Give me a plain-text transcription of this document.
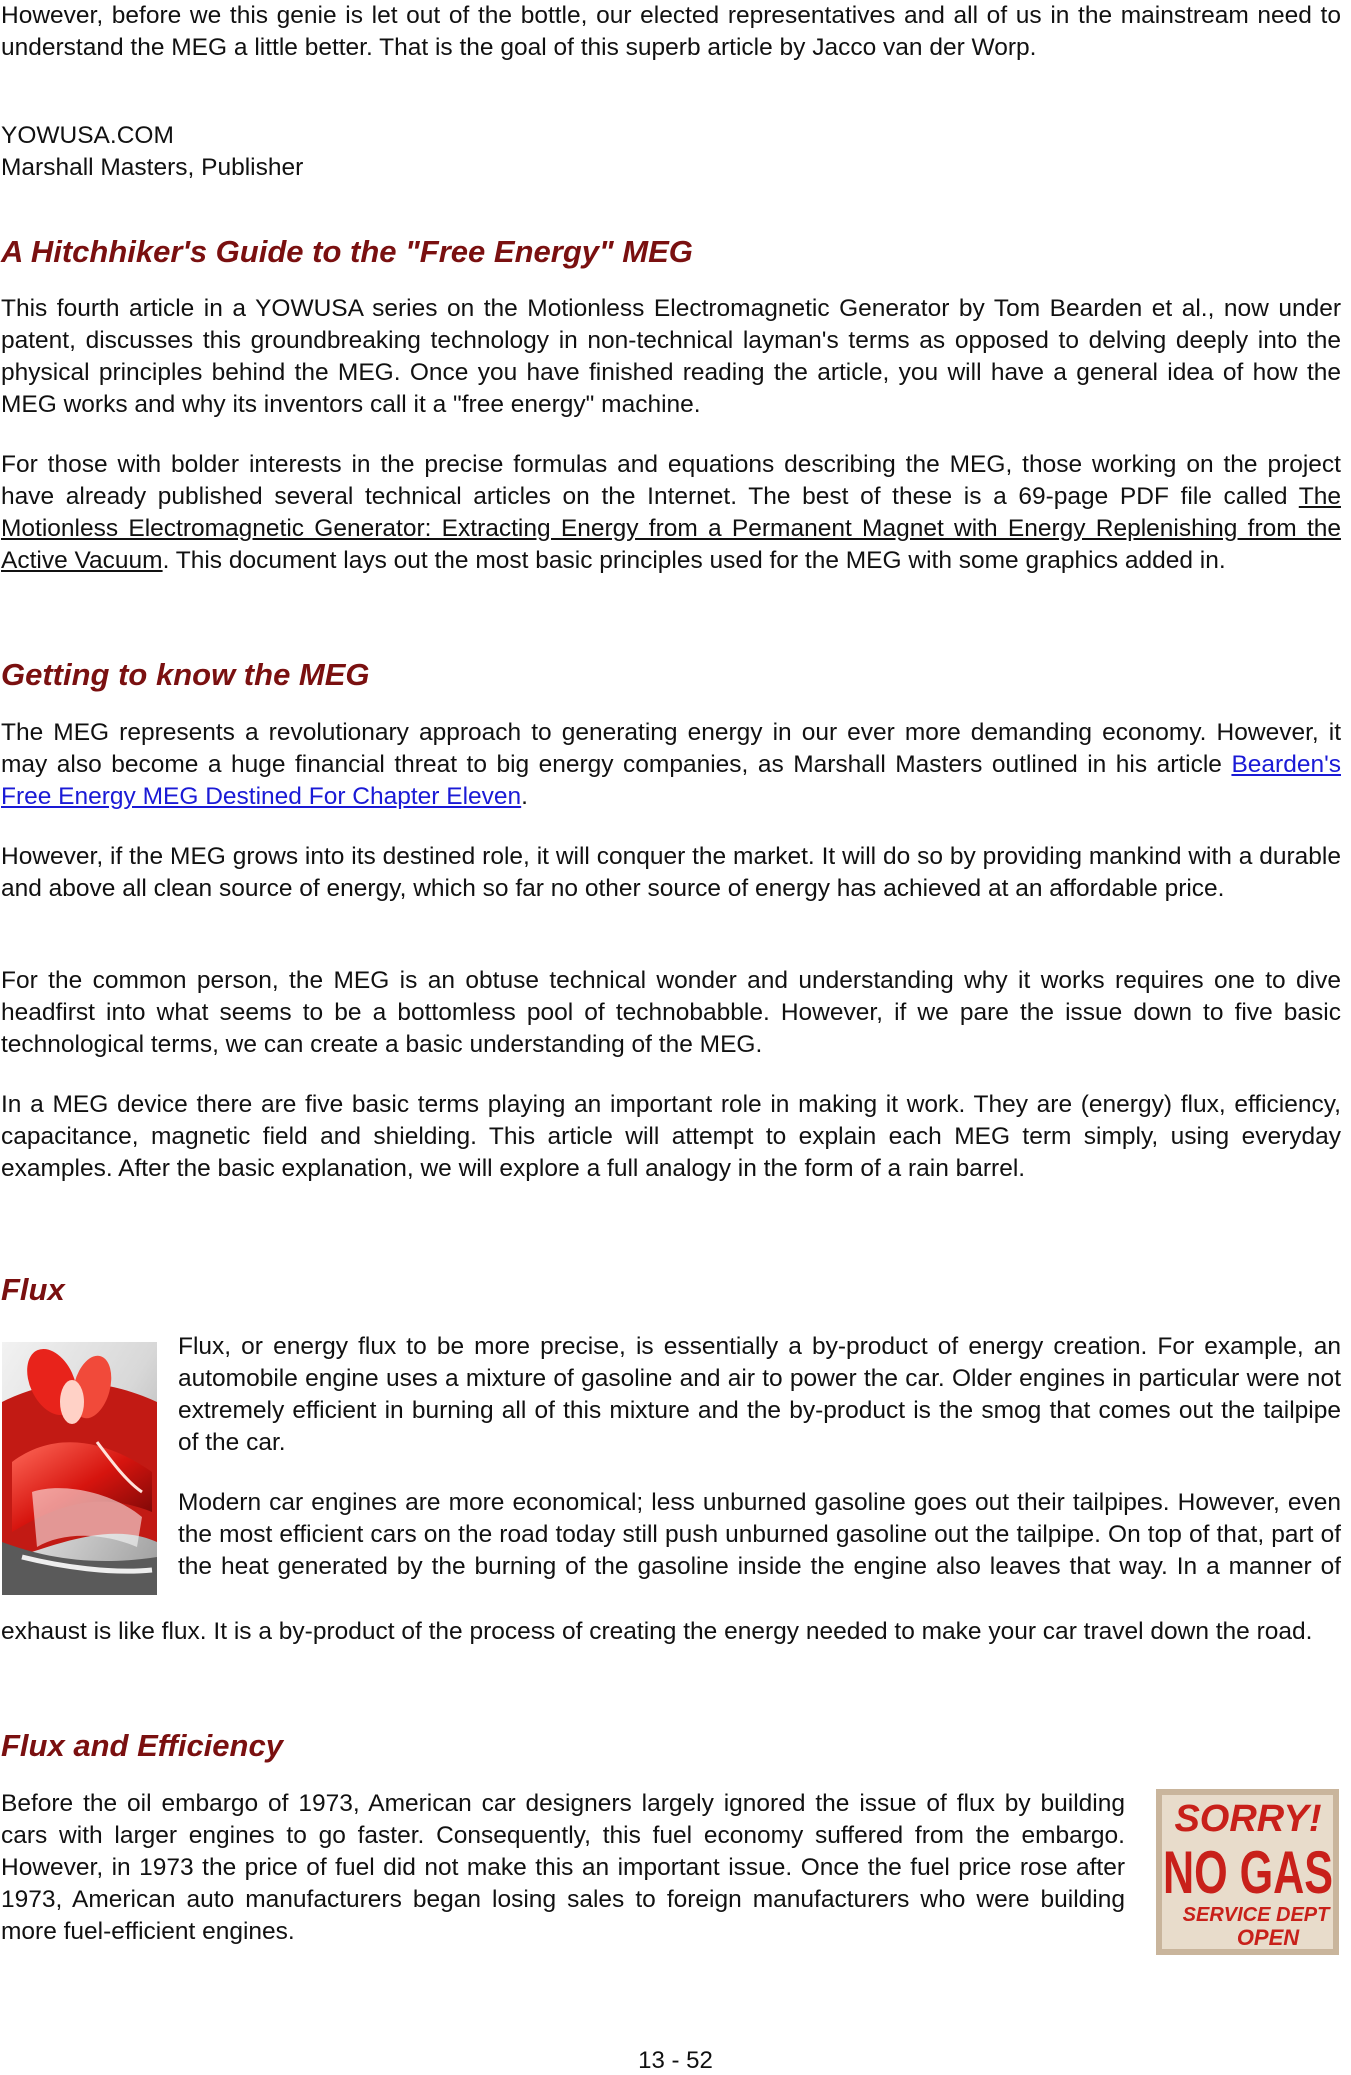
However, before we this genie is let out of the bottle, our elected representatives and all of us in the mainstream need to understand the MEG a little better. That is the goal of this superb article by Jacco van der Worp.

YOWUSA.COM

Marshall Masters, Publisher

A Hitchhiker's Guide to the "Free Energy" MEG

This fourth article in a YOWUSA series on the Motionless Electromagnetic Generator by Tom Bearden et al., now under patent, discusses this groundbreaking technology in non-technical layman's terms as opposed to delving deeply into the physical principles behind the MEG. Once you have finished reading the article, you will have a general idea of how the MEG works and why its inventors call it a "free energy" machine.

For those with bolder interests in the precise formulas and equations describing the MEG, those working on the project have already published several technical articles on the Internet. The best of these is a 69-page PDF file called The Motionless Electromagnetic Generator: Extracting Energy from a Permanent Magnet with Energy Replenishing from the Active Vacuum. This document lays out the most basic principles used for the MEG with some graphics added in.

Getting to know the MEG

The MEG represents a revolutionary approach to generating energy in our ever more demanding economy. However, it may also become a huge financial threat to big energy companies, as Marshall Masters outlined in his article Bearden's Free Energy MEG Destined For Chapter Eleven.

However, if the MEG grows into its destined role, it will conquer the market. It will do so by providing mankind with a durable and above all clean source of energy, which so far no other source of energy has achieved at an affordable price.

For the common person, the MEG is an obtuse technical wonder and understanding why it works requires one to dive headfirst into what seems to be a bottomless pool of technobabble. However, if we pare the issue down to five basic technological terms, we can create a basic understanding of the MEG.

In a MEG device there are five basic terms playing an important role in making it work. They are (energy) flux, efficiency, capacitance, magnetic field and shielding. This article will attempt to explain each MEG term simply, using everyday examples. After the basic explanation, we will explore a full analogy in the form of a rain barrel.

Flux

Flux, or energy flux to be more precise, is essentially a by-product of energy creation. For example, an automobile engine uses a mixture of gasoline and air to power the car. Older engines in particular were not extremely efficient in burning all of this mixture and the by-product is the smog that comes out the tailpipe of the car.

Modern car engines are more economical; less unburned gasoline goes out their tailpipes. However, even the most efficient cars on the road today still push unburned gasoline out the tailpipe. On top of that, part of the heat generated by the burning of the gasoline inside the engine also leaves that way. In a manner of

exhaust is like flux. It is a by-product of the process of creating the energy needed to make your car travel down the road.

Flux and Efficiency

Before the oil embargo of 1973, American car designers largely ignored the issue of flux by building cars with larger engines to go faster. Consequently, this fuel economy suffered from the embargo. However, in 1973 the price of fuel did not make this an important issue. Once the fuel price rose after 1973, American auto manufacturers began losing sales to foreign manufacturers who were building more fuel-efficient engines.

SORRY!
NO GAS
SERVICE DEPT
OPEN
13 - 52
